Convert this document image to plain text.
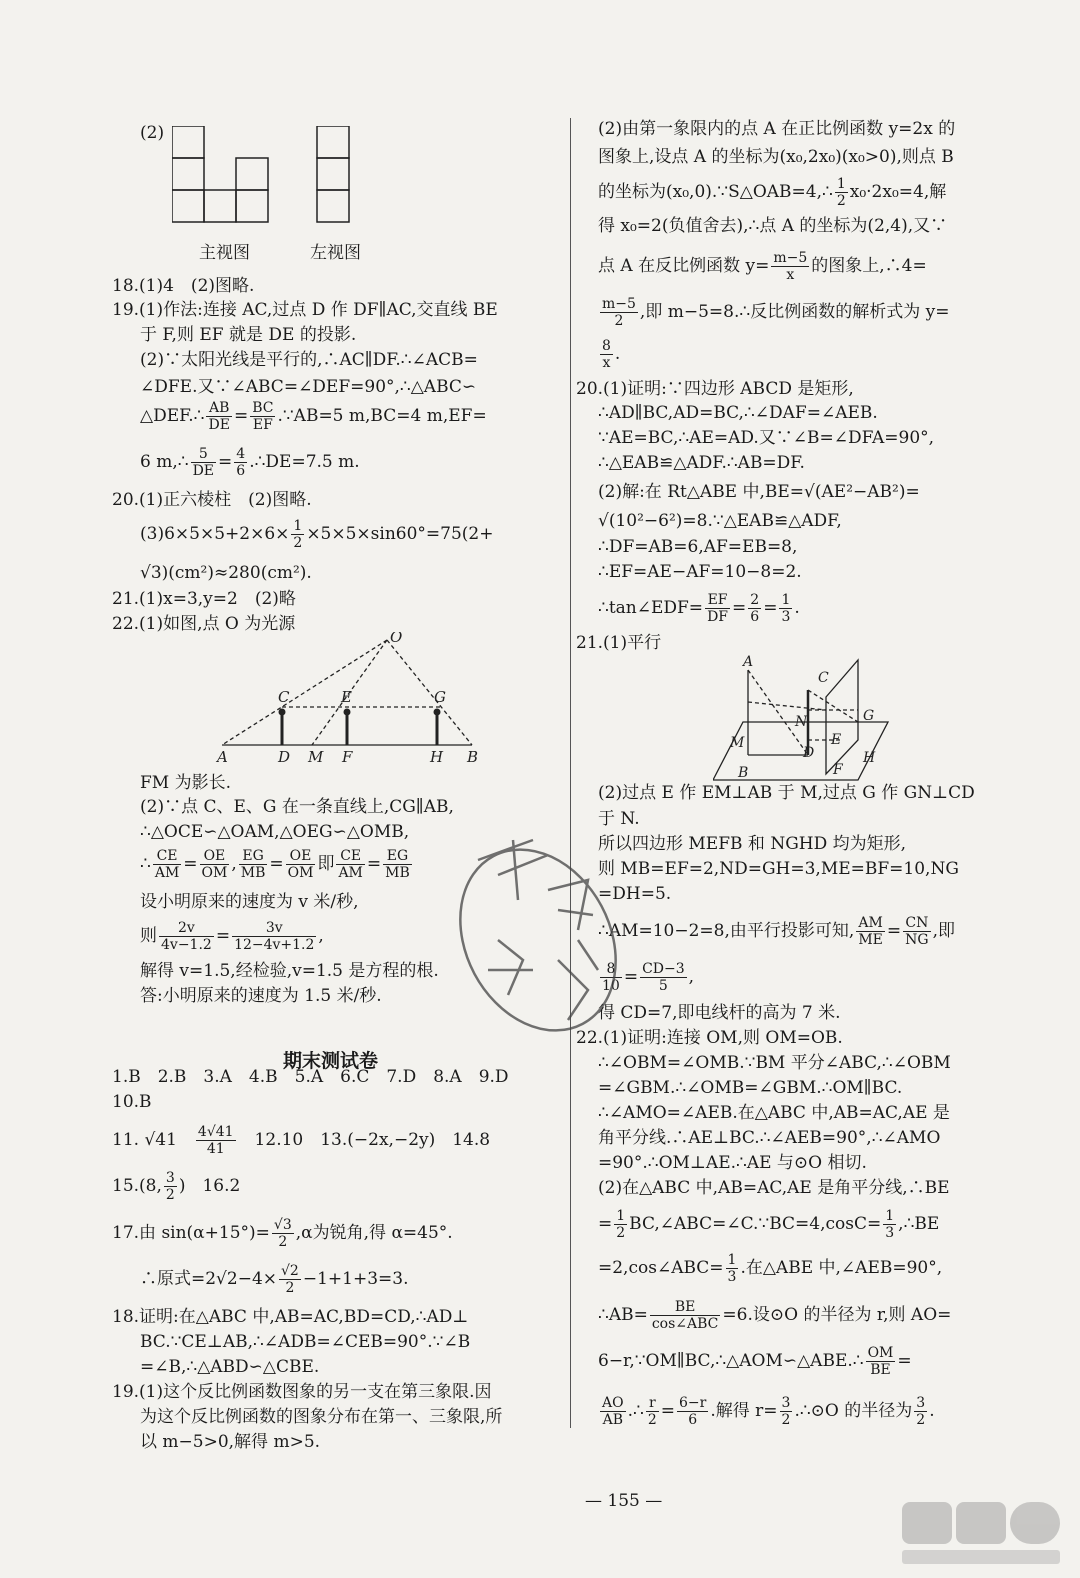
(2)
主视图	左视图
18.(1)4　(2)图略.
19.(1)作法:连接 AC,过点 D 作 DF∥AC,交直线 BE
于 F,则 EF 就是 DE 的投影.
(2)∵太阳光线是平行的,∴AC∥DF.∴∠ACB=
∠DFE.又∵∠ABC=∠DEF=90°,∴△ABC∽
△DEF.∴ $\frac{AB}{DE} = \frac{BC}{EF}$ .∵AB=5 m,BC=4 m,EF=
6 m,∴ $\frac{5}{DE} = \frac{4}{6}$ .∴DE=7.5 m.
20.(1)正六棱柱　(2)图略.
$(3)6\times 5\times 5+2\times 6\times \frac{1}{2} \times 5\times 5\times\sin 60^\circ=75(2+$
√3)(cm²)≈280(cm²).
21.(1)x=3,y=2　(2)略
22.(1)如图,点 O 为光源
O
C	E	G
A	D M F	H B
FM 为影长.
(2)∵点 C、E、G 在一条直线上,CG∥AB,
∴△OCE∽△OAM,△OEG∽△OMB,
∴ $\frac{CE}{AM} = \frac{OE}{OM}$ , $\frac{EG}{MB} = \frac{OE}{OM}$ 即 $\frac{CE}{AM} = \frac{EG}{MB}$
设小明原来的速度为 v 米/秒,
则 $\frac{2v}{4v-1.2} = \frac{3v}{12-4v+1.2}$ ,
解得 v=1.5,经检验,v=1.5 是方程的根.
答:小明原来的速度为 1.5 米/秒.
1.B　2.B　3.A　4.B　5.A　6.C　7.D　8.A　9.D
10.B
11. √41　 $\frac{4√41}{41}$ 　12.10　13.(−2x,−2y)　14.8
15.(8, $\frac{3}{2}$ )　16.2
17.由 $\sin(\alpha+15^\circ)= \frac{√3}{2} ,\alpha$为锐角,得 α=45°.
∴原式$=2√2-4\times \frac{√2}{2} -1+1+3=3$.
18.证明:在△ABC 中,AB=AC,BD=CD,∴AD⊥
BC.∵CE⊥AB,∴∠ADB=∠CEB=90°.∵∠B
=∠B,∴△ABD∽△CBE.
19.(1)这个反比例函数图象的另一支在第三象限.因
为这个反比例函数的图象分布在第一、三象限,所
以 m−5>0,解得 m>5.
期末测试卷
(2)由第一象限内的点 A 在正比例函数 y=2x 的
图象上,设点 A 的坐标为(x₀,2x₀)(x₀>0),则点 B
的坐标为(x₀,0).∵S△OAB=4,∴ $\frac{1}{2} x_0\cdot 2x_0=4$,解
得 x₀=2(负值舍去),∴点 A 的坐标为(2,4),又∵
点 A 在反比例函数 $y= \frac{m-5}{x}$ 的图象上,∴4=
$\frac{m-5}{2}$ ,即 m−5=8.∴反比例函数的解析式为 y=
$\frac{8}{x}$ .
20.(1)证明:∵四边形 ABCD 是矩形,
∴AD∥BC,AD=BC,∴∠DAF=∠AEB.
∵AE=BC,∴AE=AD.又∵∠B=∠DFA=90°,
∴△EAB≌△ADF.∴AB=DF.
(2)解:在 Rt△ABE 中,BE=√(AE²−AB²)=
√(10²−6²)=8.∵△EAB≌△ADF,
∴DF=AB=6,AF=EB=8,
∴EF=AE−AF=10−8=2.
∴tan∠EDF= $\frac{EF}{DF} = \frac{2}{6} = \frac{1}{3}$ .
21.(1)平行
A
C
N	G
M
D
E
B
H
F
(2)过点 E 作 EM⊥AB 于 M,过点 G 作 GN⊥CD
于 N.
所以四边形 MEFB 和 NGHD 均为矩形,
则 MB=EF=2,ND=GH=3,ME=BF=10,NG
=DH=5.
∴AM=10−2=8,由平行投影可知, $\frac{AM}{ME} = \frac{CN}{NG}$ ,即
$\frac{8}{10} = \frac{CD-3}{5}$ ,
得 CD=7,即电线杆的高为 7 米.
22.(1)证明:连接 OM,则 OM=OB.
∴∠OBM=∠OMB.∵BM 平分∠ABC,∴∠OBM
=∠GBM.∴∠OMB=∠GBM.∴OM∥BC.
∴∠AMO=∠AEB.在△ABC 中,AB=AC,AE 是
角平分线.∴AE⊥BC.∴∠AEB=90°,∴∠AMO
=90°.∴OM⊥AE.∴AE 与⊙O 相切.
(2)在△ABC 中,AB=AC,AE 是角平分线,∴BE
= $\frac{1}{2}$ BC,∠ABC=∠C.∵BC=4,cosC= $\frac{1}{3}$ ,∴BE
=2,cos∠ABC= $\frac{1}{3}$ .在△ABE 中,∠AEB=90°,
∴AB= $\frac{BE}{\text{cos∠ABC}} =6$.设⊙O 的半径为 r,则 AO=
6−r,∵OM∥BC,∴△AOM∽△ABE.∴ $\frac{OM}{BE}$ =
$\frac{AO}{AB}$ .∴ $\frac{r}{2} = \frac{6-r}{6}$ .解得 $r= \frac{3}{2}$ .∴⊙O 的半径为 $\frac{3}{2}$ .
— 155 —
